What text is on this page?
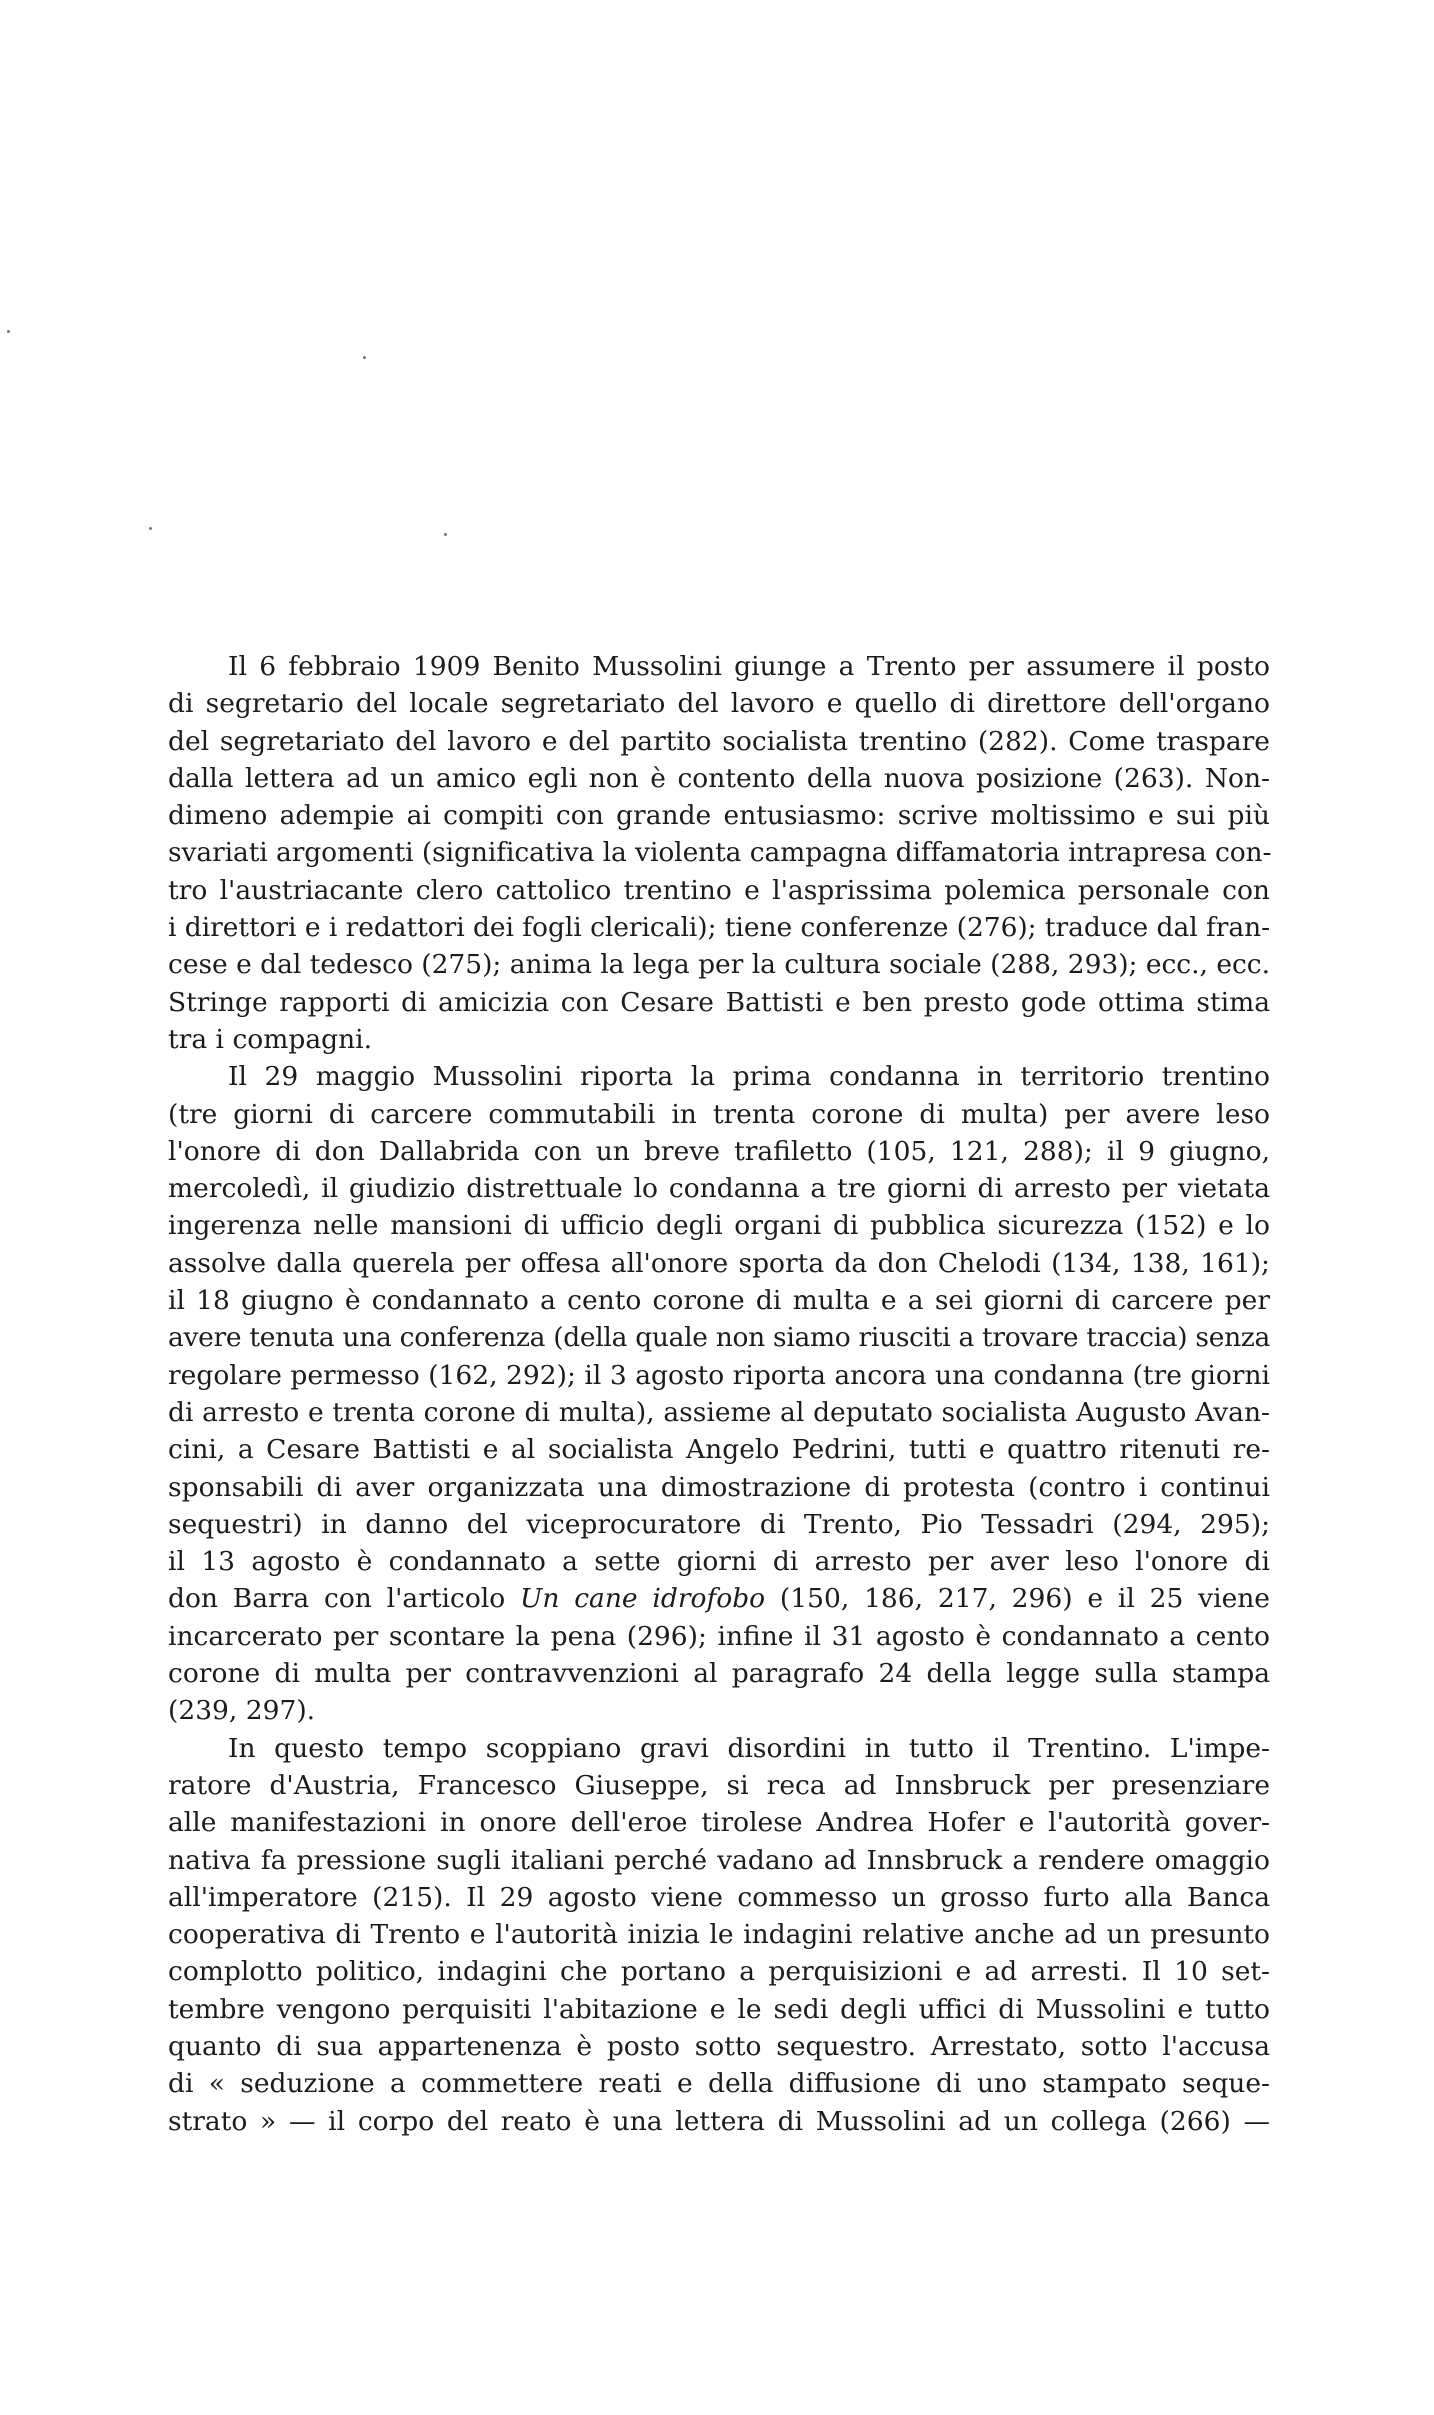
Il 6 febbraio 1909 Benito Mussolini giunge a Trento per assumere il posto
di segretario del locale segretariato del lavoro e quello di direttore dell'organo
del segretariato del lavoro e del partito socialista trentino (282). Come traspare
dalla lettera ad un amico egli non è contento della nuova posizione (263). Non-
dimeno adempie ai compiti con grande entusiasmo: scrive moltissimo e sui più
svariati argomenti (significativa la violenta campagna diffamatoria intrapresa con-
tro l'austriacante clero cattolico trentino e l'asprissima polemica personale con
i direttori e i redattori dei fogli clericali); tiene conferenze (276); traduce dal fran-
cese e dal tedesco (275); anima la lega per la cultura sociale (288, 293); ecc., ecc.
Stringe rapporti di amicizia con Cesare Battisti e ben presto gode ottima stima
tra i compagni.
Il 29 maggio Mussolini riporta la prima condanna in territorio trentino
(tre giorni di carcere commutabili in trenta corone di multa) per avere leso
l'onore di don Dallabrida con un breve trafiletto (105, 121, 288); il 9 giugno,
mercoledì, il giudizio distrettuale lo condanna a tre giorni di arresto per vietata
ingerenza nelle mansioni di ufficio degli organi di pubblica sicurezza (152) e lo
assolve dalla querela per offesa all'onore sporta da don Chelodi (134, 138, 161);
il 18 giugno è condannato a cento corone di multa e a sei giorni di carcere per
avere tenuta una conferenza (della quale non siamo riusciti a trovare traccia) senza
regolare permesso (162, 292); il 3 agosto riporta ancora una condanna (tre giorni
di arresto e trenta corone di multa), assieme al deputato socialista Augusto Avan-
cini, a Cesare Battisti e al socialista Angelo Pedrini, tutti e quattro ritenuti re-
sponsabili di aver organizzata una dimostrazione di protesta (contro i continui
sequestri) in danno del viceprocuratore di Trento, Pio Tessadri (294, 295);
il 13 agosto è condannato a sette giorni di arresto per aver leso l'onore di
don Barra con l'articolo Un cane idrofobo (150, 186, 217, 296) e il 25 viene
incarcerato per scontare la pena (296); infine il 31 agosto è condannato a cento
corone di multa per contravvenzioni al paragrafo 24 della legge sulla stampa
(239, 297).
In questo tempo scoppiano gravi disordini in tutto il Trentino. L'impe-
ratore d'Austria, Francesco Giuseppe, si reca ad Innsbruck per presenziare
alle manifestazioni in onore dell'eroe tirolese Andrea Hofer e l'autorità gover-
nativa fa pressione sugli italiani perché vadano ad Innsbruck a rendere omaggio
all'imperatore (215). Il 29 agosto viene commesso un grosso furto alla Banca
cooperativa di Trento e l'autorità inizia le indagini relative anche ad un presunto
complotto politico, indagini che portano a perquisizioni e ad arresti. Il 10 set-
tembre vengono perquisiti l'abitazione e le sedi degli uffici di Mussolini e tutto
quanto di sua appartenenza è posto sotto sequestro. Arrestato, sotto l'accusa
di « seduzione a commettere reati e della diffusione di uno stampato seque-
strato » — il corpo del reato è una lettera di Mussolini ad un collega (266) —
